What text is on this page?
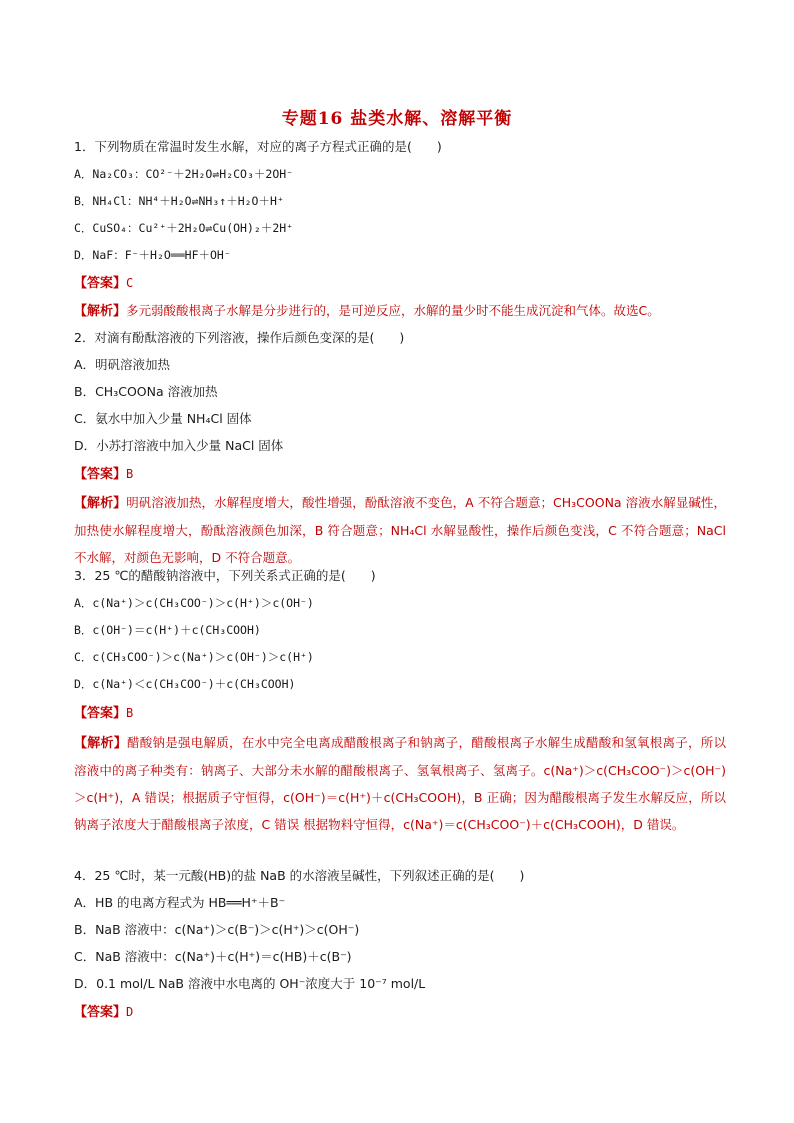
专题16 盐类水解、溶解平衡
1．下列物质在常温时发生水解，对应的离子方程式正确的是(　　)
A．Na₂CO₃：CO²⁻＋2H₂O⇌H₂CO₃＋2OH⁻
B．NH₄Cl：NH⁴＋H₂O⇌NH₃↑＋H₂O＋H⁺
C．CuSO₄：Cu²⁺＋2H₂O⇌Cu(OH)₂＋2H⁺
D．NaF：F⁻＋H₂O══HF＋OH⁻
【答案】C
【解析】多元弱酸酸根离子水解是分步进行的，是可逆反应，水解的量少时不能生成沉淀和气体。故选C。
2．对滴有酚酞溶液的下列溶液，操作后颜色变深的是(　　)
A．明矾溶液加热
B．CH₃COONa 溶液加热
C．氨水中加入少量 NH₄Cl 固体
D．小苏打溶液中加入少量 NaCl 固体
【答案】B
【解析】明矾溶液加热，水解程度增大，酸性增强，酚酞溶液不变色，A 不符合题意；CH₃COONa 溶液水解显碱性，加热使水解程度增大，酚酞溶液颜色加深，B 符合题意；NH₄Cl 水解显酸性，操作后颜色变浅，C 不符合题意；NaCl 不水解，对颜色无影响，D 不符合题意。
3．25 ℃的醋酸钠溶液中，下列关系式正确的是(　　)
A．c(Na⁺)＞c(CH₃COO⁻)＞c(H⁺)＞c(OH⁻)
B．c(OH⁻)＝c(H⁺)＋c(CH₃COOH)
C．c(CH₃COO⁻)＞c(Na⁺)＞c(OH⁻)＞c(H⁺)
D．c(Na⁺)＜c(CH₃COO⁻)＋c(CH₃COOH)
【答案】B
【解析】醋酸钠是强电解质，在水中完全电离成醋酸根离子和钠离子，醋酸根离子水解生成醋酸和氢氧根离子，所以溶液中的离子种类有：钠离子、大部分未水解的醋酸根离子、氢氧根离子、氢离子。c(Na⁺)＞c(CH₃COO⁻)＞c(OH⁻)＞c(H⁺)，A 错误；根据质子守恒得，c(OH⁻)＝c(H⁺)＋c(CH₃COOH)，B 正确；因为醋酸根离子发生水解反应，所以钠离子浓度大于醋酸根离子浓度，C 错误 根据物料守恒得，c(Na⁺)＝c(CH₃COO⁻)＋c(CH₃COOH)，D 错误。
4．25 ℃时，某一元酸(HB)的盐 NaB 的水溶液呈碱性，下列叙述正确的是(　　)
A．HB 的电离方程式为 HB══H⁺＋B⁻
B．NaB 溶液中：c(Na⁺)＞c(B⁻)＞c(H⁺)＞c(OH⁻)
C．NaB 溶液中：c(Na⁺)＋c(H⁺)＝c(HB)＋c(B⁻)
D．0.1 mol/L NaB 溶液中水电离的 OH⁻浓度大于 10⁻⁷ mol/L
【答案】D
